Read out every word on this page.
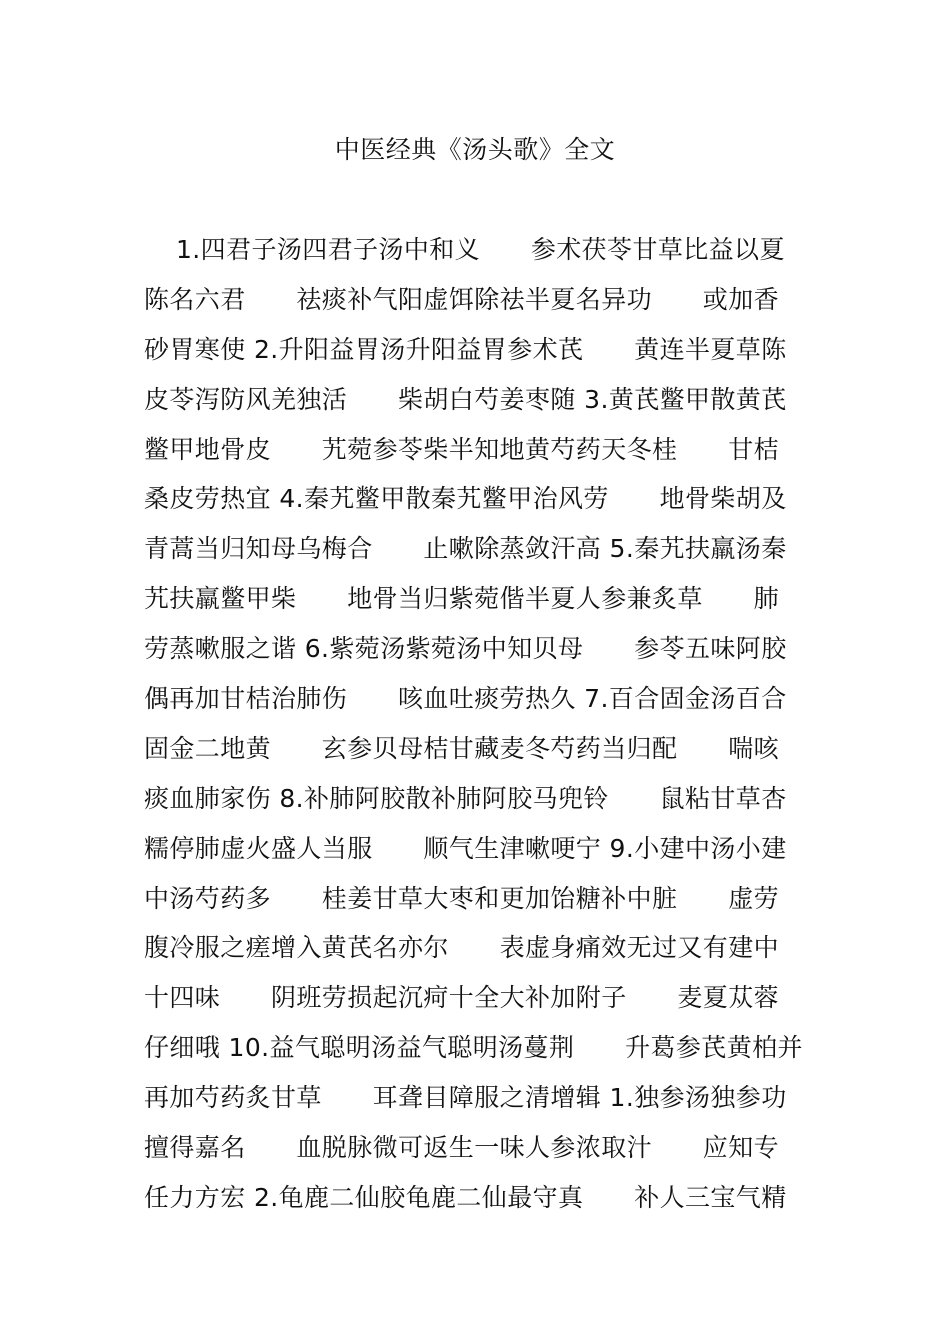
中医经典《汤头歌》全文
1.四君子汤四君子汤中和义　　参术茯苓甘草比益以夏
陈名六君　　祛痰补气阳虚饵除祛半夏名异功　　或加香
砂胃寒使 2.升阳益胃汤升阳益胃参术芪　　黄连半夏草陈
皮苓泻防风羌独活　　柴胡白芍姜枣随 3.黄芪鳖甲散黄芪
鳖甲地骨皮　　艽菀参苓柴半知地黄芍药天冬桂　　甘桔
桑皮劳热宜 4.秦艽鳖甲散秦艽鳖甲治风劳　　地骨柴胡及
青蒿当归知母乌梅合　　止嗽除蒸敛汗高 5.秦艽扶羸汤秦
艽扶羸鳖甲柴　　地骨当归紫菀偕半夏人参兼炙草　　肺
劳蒸嗽服之谐 6.紫菀汤紫菀汤中知贝母　　参苓五味阿胶
偶再加甘桔治肺伤　　咳血吐痰劳热久 7.百合固金汤百合
固金二地黄　　玄参贝母桔甘藏麦冬芍药当归配　　喘咳
痰血肺家伤 8.补肺阿胶散补肺阿胶马兜铃　　鼠粘甘草杏
糯停肺虚火盛人当服　　顺气生津嗽哽宁 9.小建中汤小建
中汤芍药多　　桂姜甘草大枣和更加饴糖补中脏　　虚劳
腹冷服之瘥增入黄芪名亦尔　　表虚身痛效无过又有建中
十四味　　阴班劳损起沉疴十全大补加附子　　麦夏苁蓉
仔细哦 10.益气聪明汤益气聪明汤蔓荆　　升葛参芪黄柏并
再加芍药炙甘草　　耳聋目障服之清增辑 1.独参汤独参功
擅得嘉名　　血脱脉微可返生一味人参浓取汁　　应知专
任力方宏 2.龟鹿二仙胶龟鹿二仙最守真　　补人三宝气精
